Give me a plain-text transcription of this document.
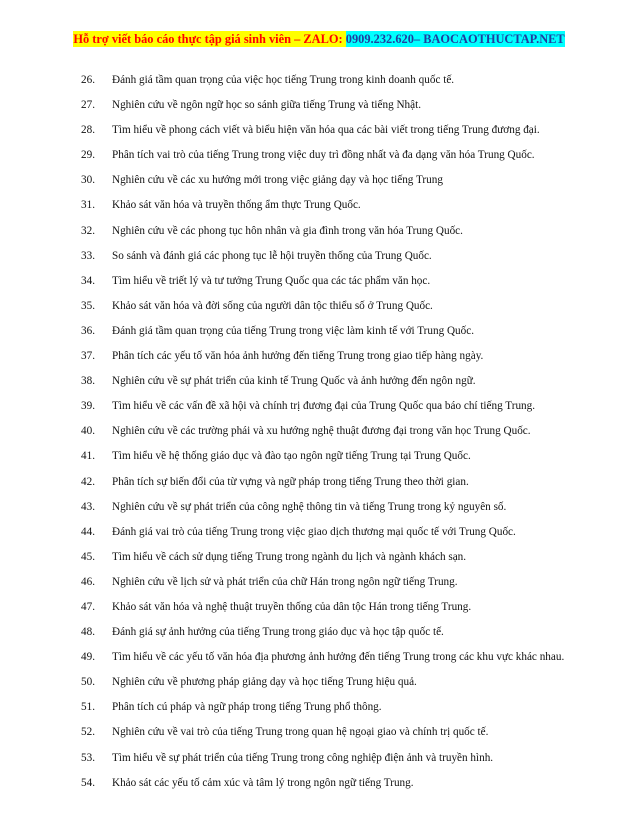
Hỗ trợ viết báo cáo thực tập giá sinh viên – ZALO: 0909.232.620– BAOCAOTHUCTAP.NET
26. Đánh giá tầm quan trọng của việc học tiếng Trung trong kinh doanh quốc tế.
27. Nghiên cứu về ngôn ngữ học so sánh giữa tiếng Trung và tiếng Nhật.
28. Tìm hiểu về phong cách viết và biểu hiện văn hóa qua các bài viết trong tiếng Trung đương đại.
29. Phân tích vai trò của tiếng Trung trong việc duy trì đồng nhất và đa dạng văn hóa Trung Quốc.
30. Nghiên cứu về các xu hướng mới trong việc giảng dạy và học tiếng Trung
31. Khảo sát văn hóa và truyền thống ẩm thực Trung Quốc.
32. Nghiên cứu về các phong tục hôn nhân và gia đình trong văn hóa Trung Quốc.
33. So sánh và đánh giá các phong tục lễ hội truyền thống của Trung Quốc.
34. Tìm hiểu về triết lý và tư tưởng Trung Quốc qua các tác phẩm văn học.
35. Khảo sát văn hóa và đời sống của người dân tộc thiểu số ở Trung Quốc.
36. Đánh giá tầm quan trọng của tiếng Trung trong việc làm kinh tế với Trung Quốc.
37. Phân tích các yếu tố văn hóa ảnh hưởng đến tiếng Trung trong giao tiếp hàng ngày.
38. Nghiên cứu về sự phát triển của kinh tế Trung Quốc và ảnh hưởng đến ngôn ngữ.
39. Tìm hiểu về các vấn đề xã hội và chính trị đương đại của Trung Quốc qua báo chí tiếng Trung.
40. Nghiên cứu về các trường phái và xu hướng nghệ thuật đương đại trong văn học Trung Quốc.
41. Tìm hiểu về hệ thống giáo dục và đào tạo ngôn ngữ tiếng Trung tại Trung Quốc.
42. Phân tích sự biến đổi của từ vựng và ngữ pháp trong tiếng Trung theo thời gian.
43. Nghiên cứu về sự phát triển của công nghệ thông tin và tiếng Trung trong kỷ nguyên số.
44. Đánh giá vai trò của tiếng Trung trong việc giao dịch thương mại quốc tế với Trung Quốc.
45. Tìm hiểu về cách sử dụng tiếng Trung trong ngành du lịch và ngành khách sạn.
46. Nghiên cứu về lịch sử và phát triển của chữ Hán trong ngôn ngữ tiếng Trung.
47. Khảo sát văn hóa và nghệ thuật truyền thống của dân tộc Hán trong tiếng Trung.
48. Đánh giá sự ảnh hưởng của tiếng Trung trong giáo dục và học tập quốc tế.
49. Tìm hiểu về các yếu tố văn hóa địa phương ảnh hưởng đến tiếng Trung trong các khu vực khác nhau.
50. Nghiên cứu về phương pháp giảng dạy và học tiếng Trung hiệu quả.
51. Phân tích cú pháp và ngữ pháp trong tiếng Trung phổ thông.
52. Nghiên cứu về vai trò của tiếng Trung trong quan hệ ngoại giao và chính trị quốc tế.
53. Tìm hiểu về sự phát triển của tiếng Trung trong công nghiệp điện ảnh và truyền hình.
54. Khảo sát các yếu tố cảm xúc và tâm lý trong ngôn ngữ tiếng Trung.
